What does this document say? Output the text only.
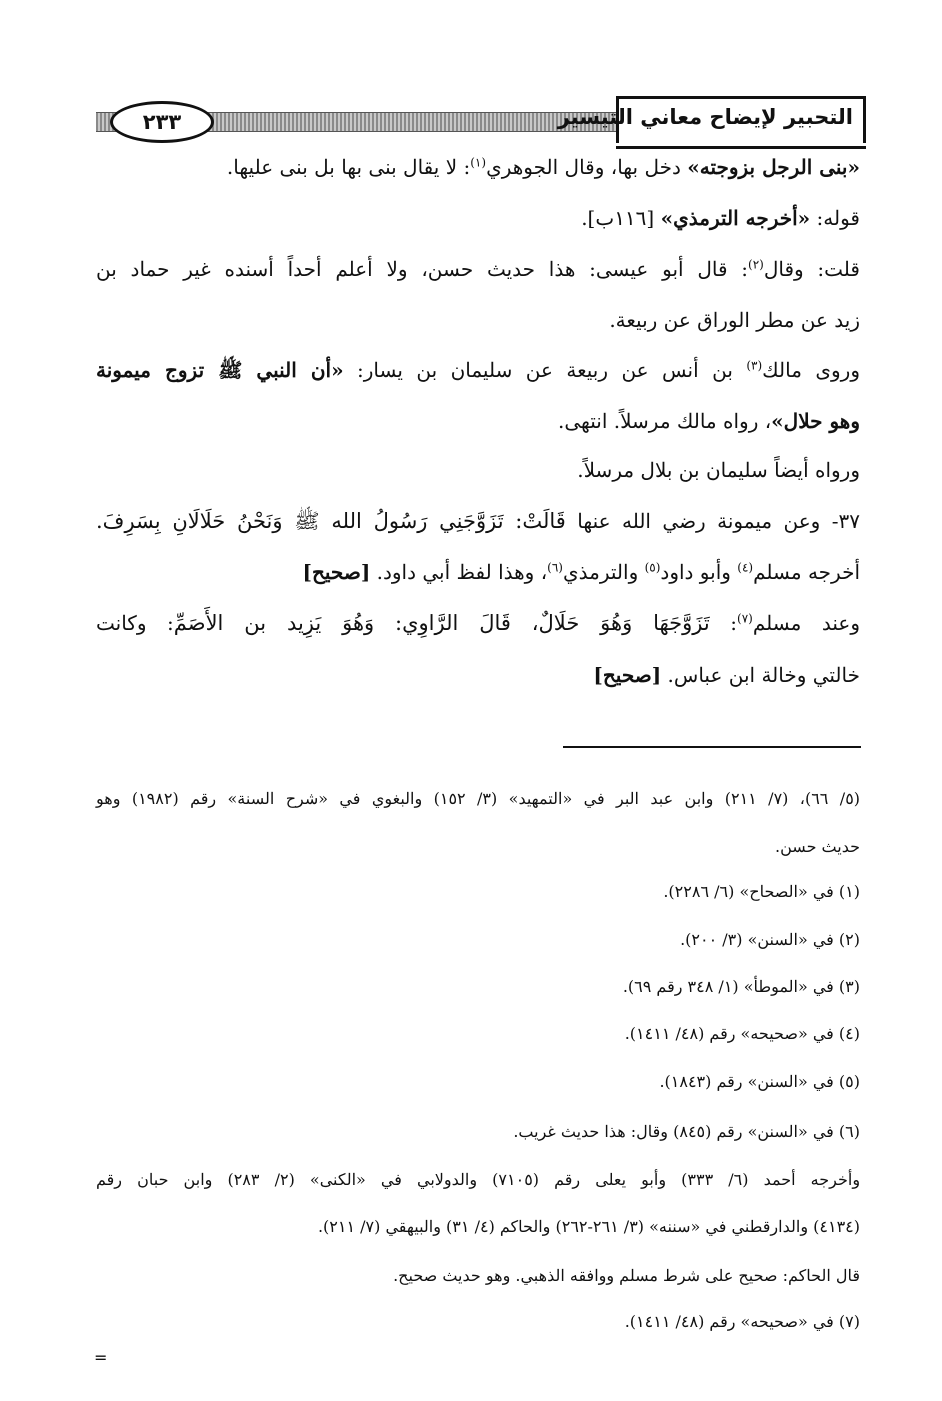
٢٣٣	التحبير لإيضاح معاني التيسير
«بنى الرجل بزوجته» دخل بها، وقال الجوهري$^{(١)}$: لا يقال بنى بها بل بنى عليها.
قوله: «أخرجه الترمذي» [١١٦ب].
قلت: وقال$^{(٢)}$: قال أبو عيسى: هذا حديث حسن، ولا أعلم أحداً أسنده غير حماد بن
زيد عن مطر الوراق عن ربيعة.
وروى مالك$^{(٣)}$ بن أنس عن ربيعة عن سليمان بن يسار: «أن النبي ﷺ تزوج ميمونة
وهو حلال»، رواه مالك مرسلاً. انتهى.
ورواه أيضاً سليمان بن بلال مرسلاً.
٣٧- وعن ميمونة رضي الله عنها قَالَتْ: تَزَوَّجَنِي رَسُولُ الله ﷺ وَنَحْنُ حَلَالَانِ بِسَرِفَ.
أخرجه مسلم$^{(٤)}$ وأبو داود$^{(٥)}$ والترمذي$^{(٦)}$، وهذا لفظ أبي داود. [صحيح]
وعند مسلم$^{(٧)}$: تَزَوَّجَهَا وَهُوَ حَلَالٌ، قَالَ الرَّاوِي: وَهُوَ يَزِيد بن الأَصَمِّ: وكانت
خالتي وخالة ابن عباس. [صحيح]
(٥/ ٦٦)، (٧/ ٢١١) وابن عبد البر في «التمهيد» (٣/ ١٥٢) والبغوي في «شرح السنة» رقم (١٩٨٢) وهو
حديث حسن.
(١) في «الصحاح» (٦/ ٢٢٨٦).
(٢) في «السنن» (٣/ ٢٠٠).
(٣) في «الموطأ» (١/ ٣٤٨ رقم ٦٩).
(٤) في «صحيحه» رقم (٤٨/ ١٤١١).
(٥) في «السنن» رقم (١٨٤٣).
(٦) في «السنن» رقم (٨٤٥) وقال: هذا حديث غريب.
وأخرجه أحمد (٦/ ٣٣٣) وأبو يعلى رقم (٧١٠٥) والدولابي في «الكنى» (٢/ ٢٨٣) وابن حبان رقم
(٤١٣٤) والدارقطني في «سننه» (٣/ ٢٦١-٢٦٢) والحاكم (٤/ ٣١) والبيهقي (٧/ ٢١١).
قال الحاكم: صحيح على شرط مسلم ووافقه الذهبي. وهو حديث صحيح.
(٧) في «صحيحه» رقم (٤٨/ ١٤١١).
=
